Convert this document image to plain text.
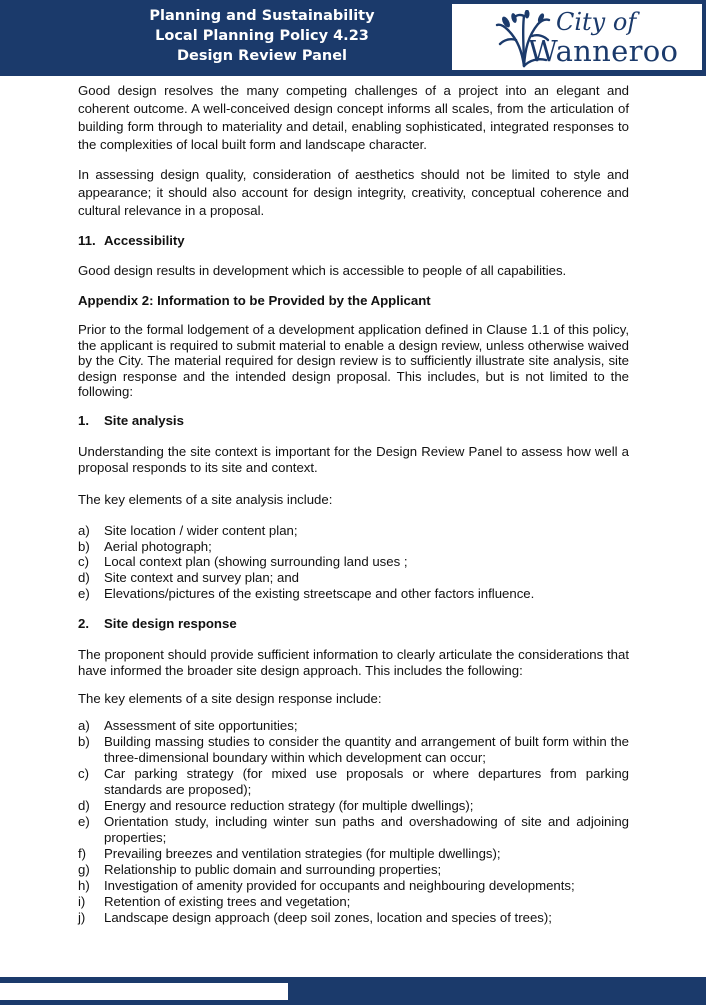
Planning and Sustainability
Local Planning Policy 4.23
Design Review Panel
City of
Wanneroo

Good design resolves the many competing challenges of a project into an elegant and coherent outcome. A well-conceived design concept informs all scales, from the articulation of building form through to materiality and detail, enabling sophisticated, integrated responses to the complexities of local built form and landscape character.

In assessing design quality, consideration of aesthetics should not be limited to style and appearance; it should also account for design integrity, creativity, conceptual coherence and cultural relevance in a proposal.

11. Accessibility

Good design results in development which is accessible to people of all capabilities.

Appendix 2: Information to be Provided by the Applicant

Prior to the formal lodgement of a development application defined in Clause 1.1 of this policy, the applicant is required to submit material to enable a design review, unless otherwise waived by the City. The material required for design review is to sufficiently illustrate site analysis, site design response and the intended design proposal. This includes, but is not limited to the following:

1.	Site analysis

Understanding the site context is important for the Design Review Panel to assess how well a proposal responds to its site and context.

The key elements of a site analysis include:

a)	Site location / wider content plan;
b)	Aerial photograph;
c)	Local context plan (showing surrounding land uses ;
d)	Site context and survey plan; and
e)	Elevations/pictures of the existing streetscape and other factors influence.
2.	Site design response

The proponent should provide sufficient information to clearly articulate the considerations that have informed the broader site design approach. This includes the following:

The key elements of a site design response include:

a)	Assessment of site opportunities;
b)	Building massing studies to consider the quantity and arrangement of built form within the three-dimensional boundary within which development can occur;
c)	Car parking strategy (for mixed use proposals or where departures from parking standards are proposed);
d)	Energy and resource reduction strategy (for multiple dwellings);
e)	Orientation study, including winter sun paths and overshadowing of site and adjoining properties;
f)	Prevailing breezes and ventilation strategies (for multiple dwellings);
g)	Relationship to public domain and surrounding properties;
h)	Investigation of amenity provided for occupants and neighbouring developments;
i)	Retention of existing trees and vegetation;
j)	Landscape design approach (deep soil zones, location and species of trees);
